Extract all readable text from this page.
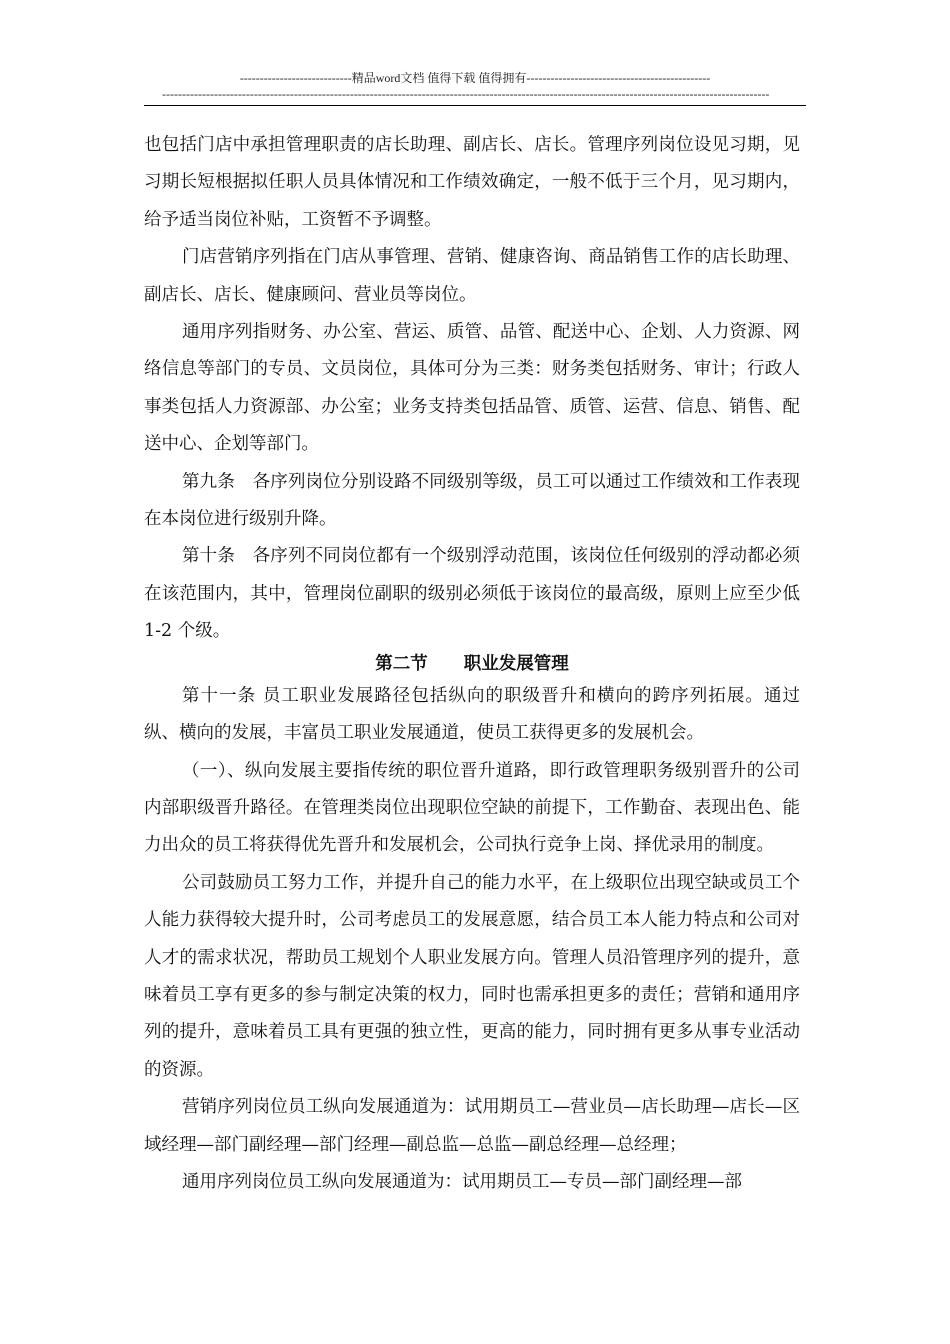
----------------------------精品word文档 值得下载 值得拥有----------------------------------------------
--------------------------------------------------------------------------------------------------------------------------------------------------------

也包括门店中承担管理职责的店长助理、副店长、店长。管理序列岗位设见习期，见习期长短根据拟任职人员具体情况和工作绩效确定，一般不低于三个月，见习期内，给予适当岗位补贴，工资暂不予调整。

门店营销序列指在门店从事管理、营销、健康咨询、商品销售工作的店长助理、副店长、店长、健康顾问、营业员等岗位。

通用序列指财务、办公室、营运、质管、品管、配送中心、企划、人力资源、网络信息等部门的专员、文员岗位，具体可分为三类：财务类包括财务、审计；行政人事类包括人力资源部、办公室；业务支持类包括品管、质管、运营、信息、销售、配送中心、企划等部门。

第九条　各序列岗位分别设路不同级别等级，员工可以通过工作绩效和工作表现在本岗位进行级别升降。

第十条　各序列不同岗位都有一个级别浮动范围，该岗位任何级别的浮动都必须在该范围内，其中，管理岗位副职的级别必须低于该岗位的最高级，原则上应至少低 1-2 个级。

第二节 职业发展管理

第十一条 员工职业发展路径包括纵向的职级晋升和横向的跨序列拓展。通过纵、横向的发展，丰富员工职业发展通道，使员工获得更多的发展机会。

（一）、纵向发展主要指传统的职位晋升道路，即行政管理职务级别晋升的公司内部职级晋升路径。在管理类岗位出现职位空缺的前提下，工作勤奋、表现出色、能力出众的员工将获得优先晋升和发展机会，公司执行竞争上岗、择优录用的制度。

公司鼓励员工努力工作，并提升自己的能力水平，在上级职位出现空缺或员工个人能力获得较大提升时，公司考虑员工的发展意愿，结合员工本人能力特点和公司对人才的需求状况，帮助员工规划个人职业发展方向。管理人员沿管理序列的提升，意味着员工享有更多的参与制定决策的权力，同时也需承担更多的责任；营销和通用序列的提升，意味着员工具有更强的独立性，更高的能力，同时拥有更多从事专业活动的资源。

营销序列岗位员工纵向发展通道为：试用期员工—营业员—店长助理—店长—区域经理—部门副经理—部门经理—副总监—总监—副总经理—总经理；

通用序列岗位员工纵向发展通道为：试用期员工—专员—部门副经理—部
